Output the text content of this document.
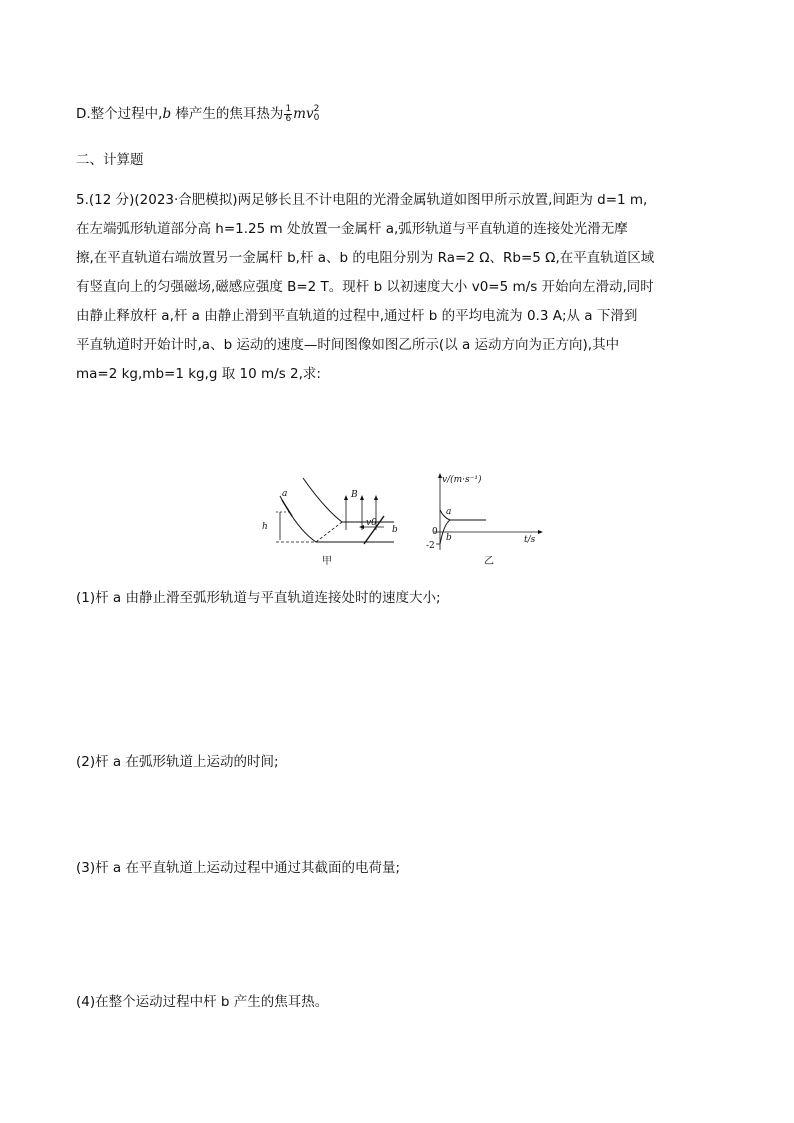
D.整个过程中,b 棒产生的焦耳热为 $\frac{1}{6}$ mv 2
0
二、计算题
5.(12 分)(2023·合肥模拟)两足够长且不计电阻的光滑金属轨道如图甲所示放置,间距为 d=1 m,
在左端弧形轨道部分高 h=1.25 m 处放置一金属杆 a,弧形轨道与平直轨道的连接处光滑无摩
擦,在平直轨道右端放置另一金属杆 b,杆 a、b 的电阻分别为 Ra=2 Ω、Rb=5 Ω,在平直轨道区域
有竖直向上的匀强磁场,磁感应强度 B=2 T。现杆 b 以初速度大小 v0=5 m/s 开始向左滑动,同时
由静止释放杆 a,杆 a 由静止滑到平直轨道的过程中,通过杆 b 的平均电流为 0.3 A;从 a 下滑到
平直轨道时开始计时,a、b 运动的速度—时间图像如图乙所示(以 a 运动方向为正方向),其中
ma=2 kg,mb=1 kg,g 取 10 m/s 2,求:
a	B
h	v0
b
甲
v/(m·s⁻¹)
a
b
0
-2
t/s
乙
(1)杆 a 由静止滑至弧形轨道与平直轨道连接处时的速度大小;
(2)杆 a 在弧形轨道上运动的时间;
(3)杆 a 在平直轨道上运动过程中通过其截面的电荷量;
(4)在整个运动过程中杆 b 产生的焦耳热。
